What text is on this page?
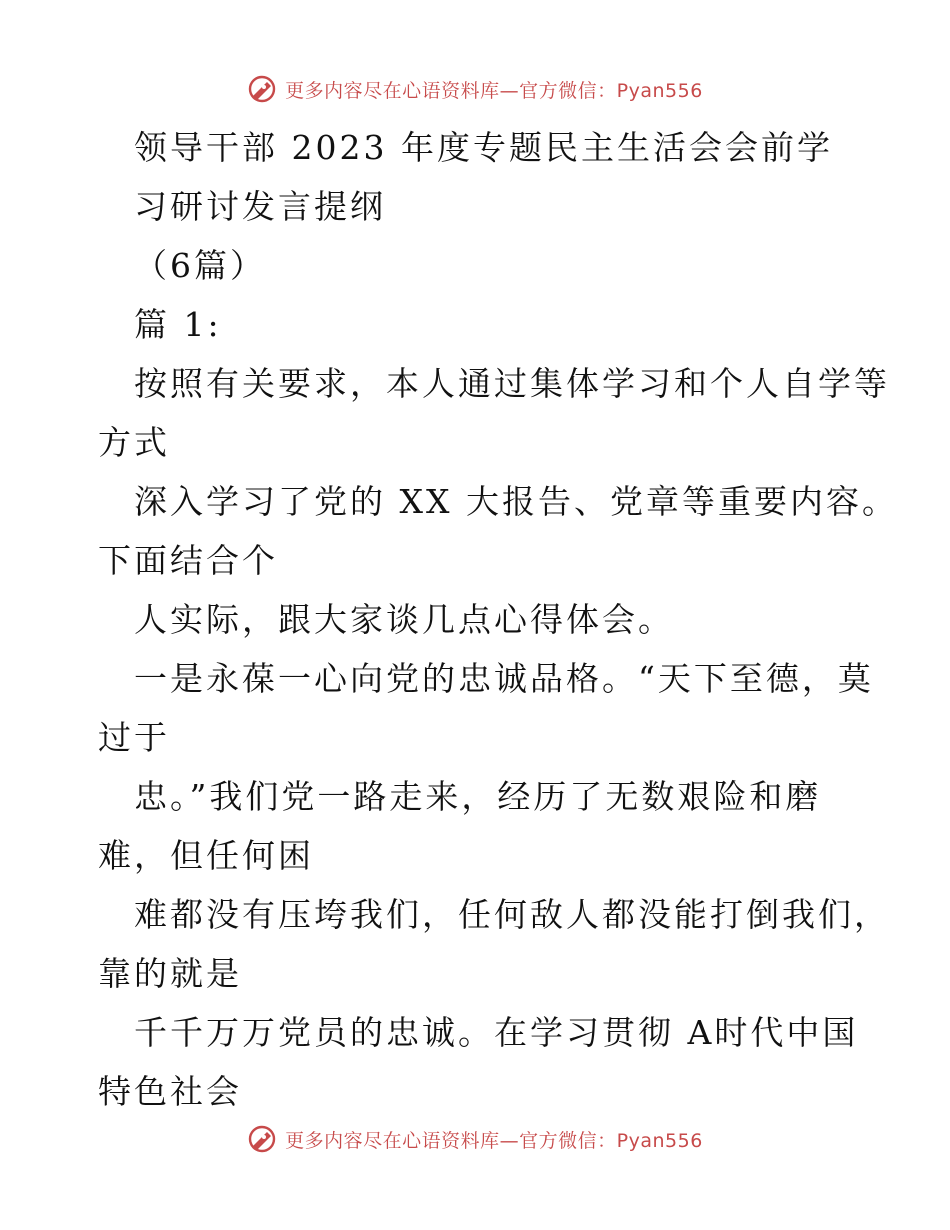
更多内容尽在心语资料库—官方微信：Pyan556
领导干部 2023 年度专题民主生活会会前学
习研讨发言提纲
（6篇）
篇 1:
按照有关要求，本人通过集体学习和个人自学等
方式
深入学习了党的 XX 大报告、党章等重要内容。
下面结合个
人实际，跟大家谈几点心得体会。
一是永葆一心向党的忠诚品格。“天下至德，莫
过于
忠。”我们党一路走来，经历了无数艰险和磨
难，但任何困
难都没有压垮我们，任何敌人都没能打倒我们，
靠的就是
千千万万党员的忠诚。在学习贯彻 A时代中国
特色社会
更多内容尽在心语资料库—官方微信：Pyan556
